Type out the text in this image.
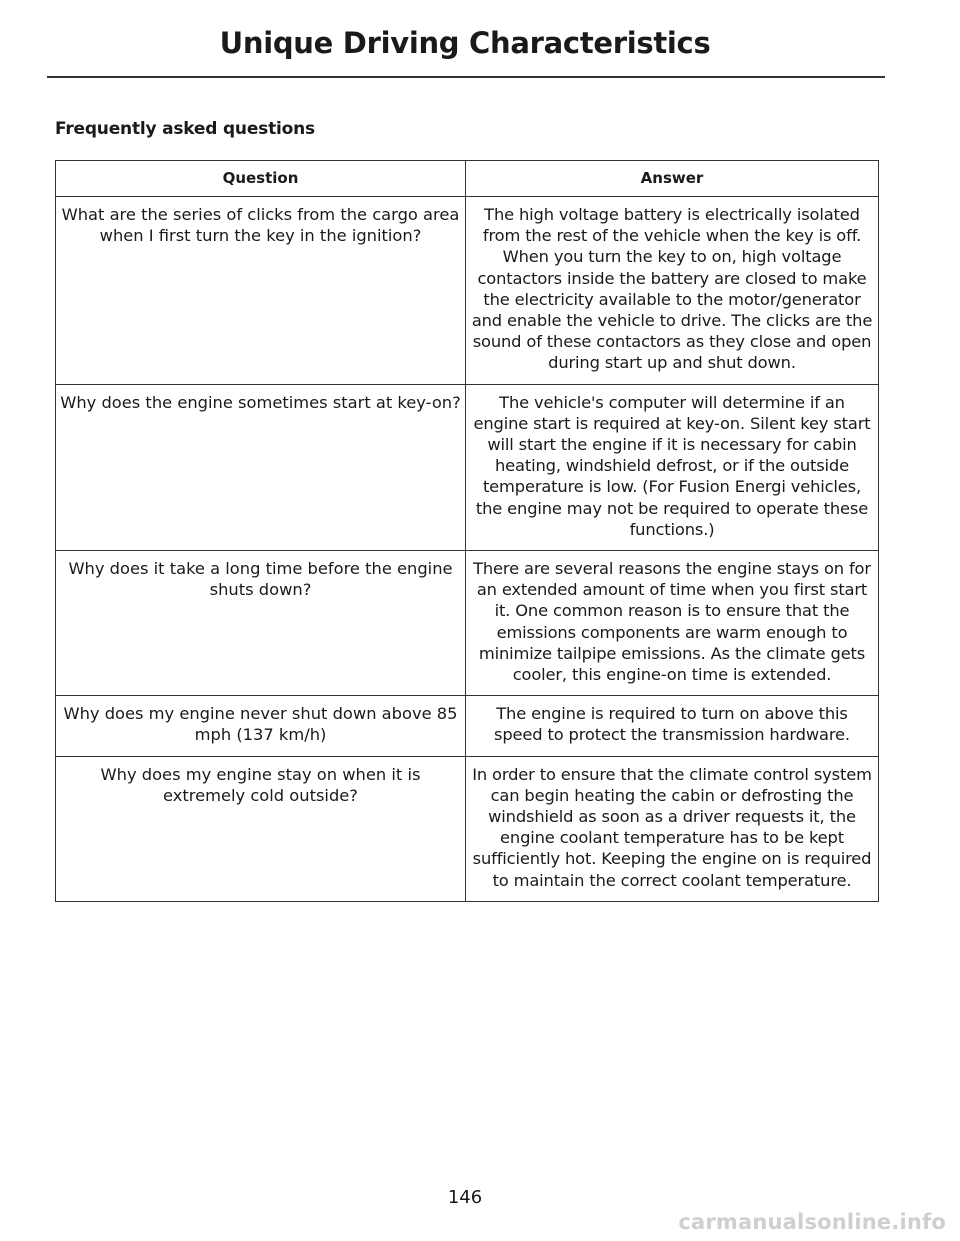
Unique Driving Characteristics
Frequently asked questions
Question	Answer
What are the series of clicks from the cargo area when I first turn the key in the ignition?	The high voltage battery is electrically isolated from the rest of the vehicle when the key is off. When you turn the key to on, high voltage contactors inside the battery are closed to make the electricity available to the motor/generator and enable the vehicle to drive. The clicks are the sound of these contactors as they close and open during start up and shut down.
Why does the engine sometimes start at key-on?	The vehicle's computer will determine if an engine start is required at key-on. Silent key start will start the engine if it is necessary for cabin heating, windshield defrost, or if the outside temperature is low. (For Fusion Energi vehicles, the engine may not be required to operate these functions.)
Why does it take a long time before the engine shuts down?	There are several reasons the engine stays on for an extended amount of time when you first start it. One common reason is to ensure that the emissions components are warm enough to minimize tailpipe emissions. As the climate gets cooler, this engine-on time is extended.
Why does my engine never shut down above 85 mph (137 km/h)	The engine is required to turn on above this speed to protect the transmission hardware.
Why does my engine stay on when it is extremely cold outside?	In order to ensure that the climate control system can begin heating the cabin or defrosting the windshield as soon as a driver requests it, the engine coolant temperature has to be kept sufficiently hot. Keeping the engine on is required to maintain the correct coolant temperature.
146
carmanualsonline.info
